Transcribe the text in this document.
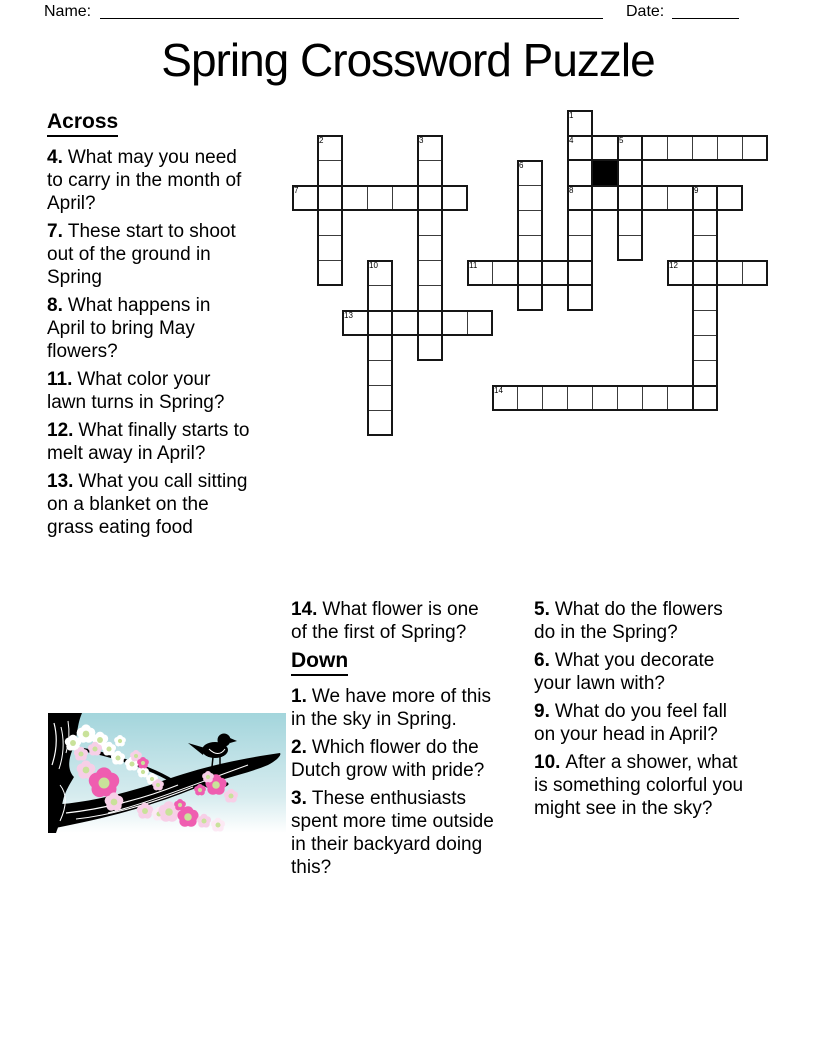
Name:	Date:
Spring Crossword Puzzle
1
2	3	4	5
6
7	8	9
10	11	12
13
14
Across

4. What may you need to carry in the month of April?

7. These start to shoot out of the ground in Spring

8. What happens in April to bring May flowers?

11. What color your lawn turns in Spring?

12. What finally starts to melt away in April?

13. What you call sitting on a blanket on the grass eating food

14. What flower is one of the first of Spring?

Down

1. We have more of this in the sky in Spring.

2. Which flower do the Dutch grow with pride?

3. These enthusiasts spent more time outside in their backyard doing this?

5. What do the flowers do in the Spring?

6. What you decorate your lawn with?

9. What do you feel fall on your head in April?

10. After a shower, what is something colorful you might see in the sky?
